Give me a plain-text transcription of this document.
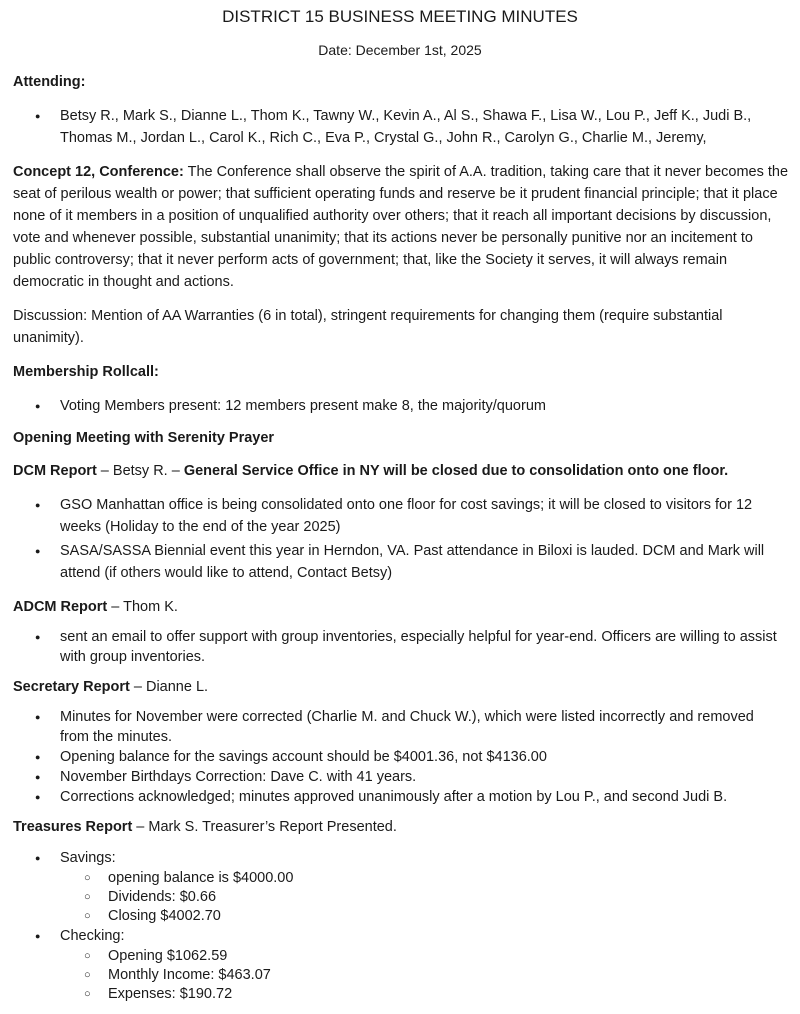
DISTRICT 15 BUSINESS MEETING MINUTES
Date: December 1st, 2025

Attending:

● Betsy R., Mark S., Dianne L., Thom K., Tawny W., Kevin A., Al S., Shawa F., Lisa W., Lou P., Jeff K., Judi B., Thomas M., Jordan L., Carol K., Rich C., Eva P., Crystal G., John R., Carolyn G., Charlie M., Jeremy,

Concept 12, Conference: The Conference shall observe the spirit of A.A. tradition, taking care that it never becomes the seat of perilous wealth or power; that sufficient operating funds and reserve be it prudent financial principle; that it place none of it members in a position of unqualified authority over others; that it reach all important decisions by discussion, vote and whenever possible, substantial unanimity; that its actions never be personally punitive nor an incitement to public controversy; that it never perform acts of government; that, like the Society it serves, it will always remain democratic in thought and actions.

Discussion: Mention of AA Warranties (6 in total), stringent requirements for changing them (require substantial unanimity).

Membership Rollcall:

● Voting Members present: 12 members present make 8, the majority/quorum

Opening Meeting with Serenity Prayer

DCM Report – Betsy R. – General Service Office in NY will be closed due to consolidation onto one floor.

● GSO Manhattan office is being consolidated onto one floor for cost savings; it will be closed to visitors for 12 weeks (Holiday to the end of the year 2025)

● SASA/SASSA Biennial event this year in Herndon, VA. Past attendance in Biloxi is lauded. DCM and Mark will attend (if others would like to attend, Contact Betsy)

ADCM Report – Thom K.

● sent an email to offer support with group inventories, especially helpful for year-end. Officers are willing to assist with group inventories.

Secretary Report – Dianne L.

● Minutes for November were corrected (Charlie M. and Chuck W.), which were listed incorrectly and removed from the minutes.

● Opening balance for the savings account should be $4001.36, not $4136.00

● November Birthdays Correction: Dave C. with 41 years.

● Corrections acknowledged; minutes approved unanimously after a motion by Lou P., and second Judi B.

Treasures Report – Mark S. Treasurer’s Report Presented.

● Savings:

○ opening balance is $4000.00

○ Dividends: $0.66

○ Closing $4002.70

● Checking:

○ Opening $1062.59

○ Monthly Income: $463.07

○ Expenses: $190.72
